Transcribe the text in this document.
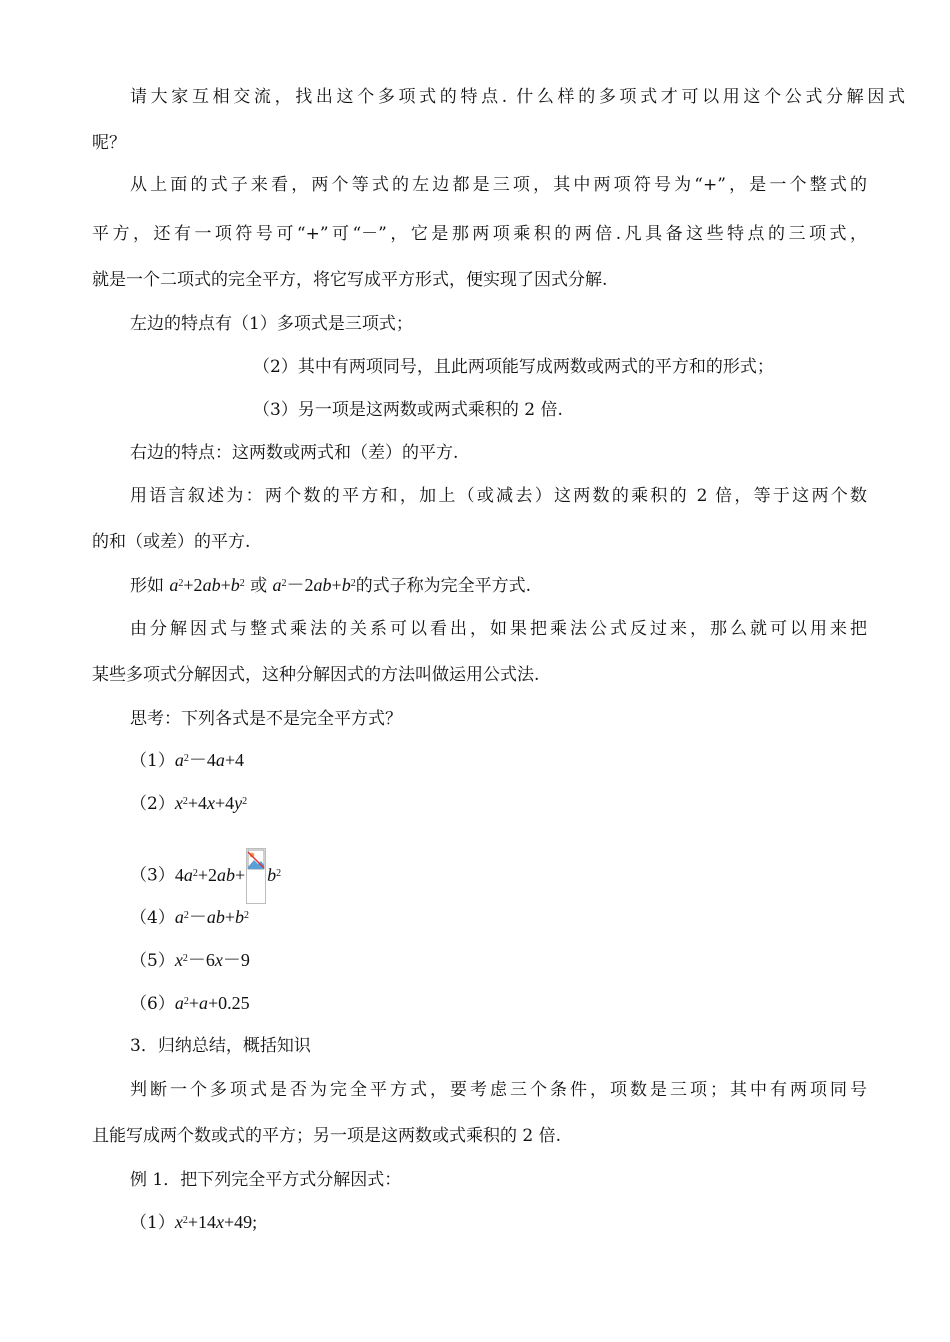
请大家互相交流，找出这个多项式的特点. 什么样的多项式才可以用这个公式分解因式
呢？
从上面的式子来看，两个等式的左边都是三项，其中两项符号为“+”，是一个整式的
平方，还有一项符号可“+”可“－”，它是那两项乘积的两倍.凡具备这些特点的三项式，
就是一个二项式的完全平方，将它写成平方形式，便实现了因式分解.
左边的特点有（1）多项式是三项式；
（2）其中有两项同号，且此两项能写成两数或两式的平方和的形式；
（3）另一项是这两数或两式乘积的 2 倍.
右边的特点：这两数或两式和（差）的平方.
用语言叙述为：两个数的平方和，加上（或减去）这两数的乘积的 2 倍，等于这两个数
的和（或差）的平方.
形如 $a^2+2ab+b^2$ 或 $a^2-2ab+b^2$的式子称为完全平方式.
由分解因式与整式乘法的关系可以看出，如果把乘法公式反过来，那么就可以用来把
某些多项式分解因式，这种分解因式的方法叫做运用公式法.
思考：下列各式是不是完全平方式？
$(1)a^2-4a+4$
$(2)x^2+4x+4y^2$
$(3)4a^2+2ab+ b^2$
$(4)a^2-ab+b^2$
$(5)x^2-6x-9$
$(6)a^2+a+0.25$
3．归纳总结，概括知识
判断一个多项式是否为完全平方式，要考虑三个条件，项数是三项；其中有两项同号
且能写成两个数或式的平方；另一项是这两数或式乘积的 2 倍.
例 1．把下列完全平方式分解因式：
$(1)x^2+14x+49$;
